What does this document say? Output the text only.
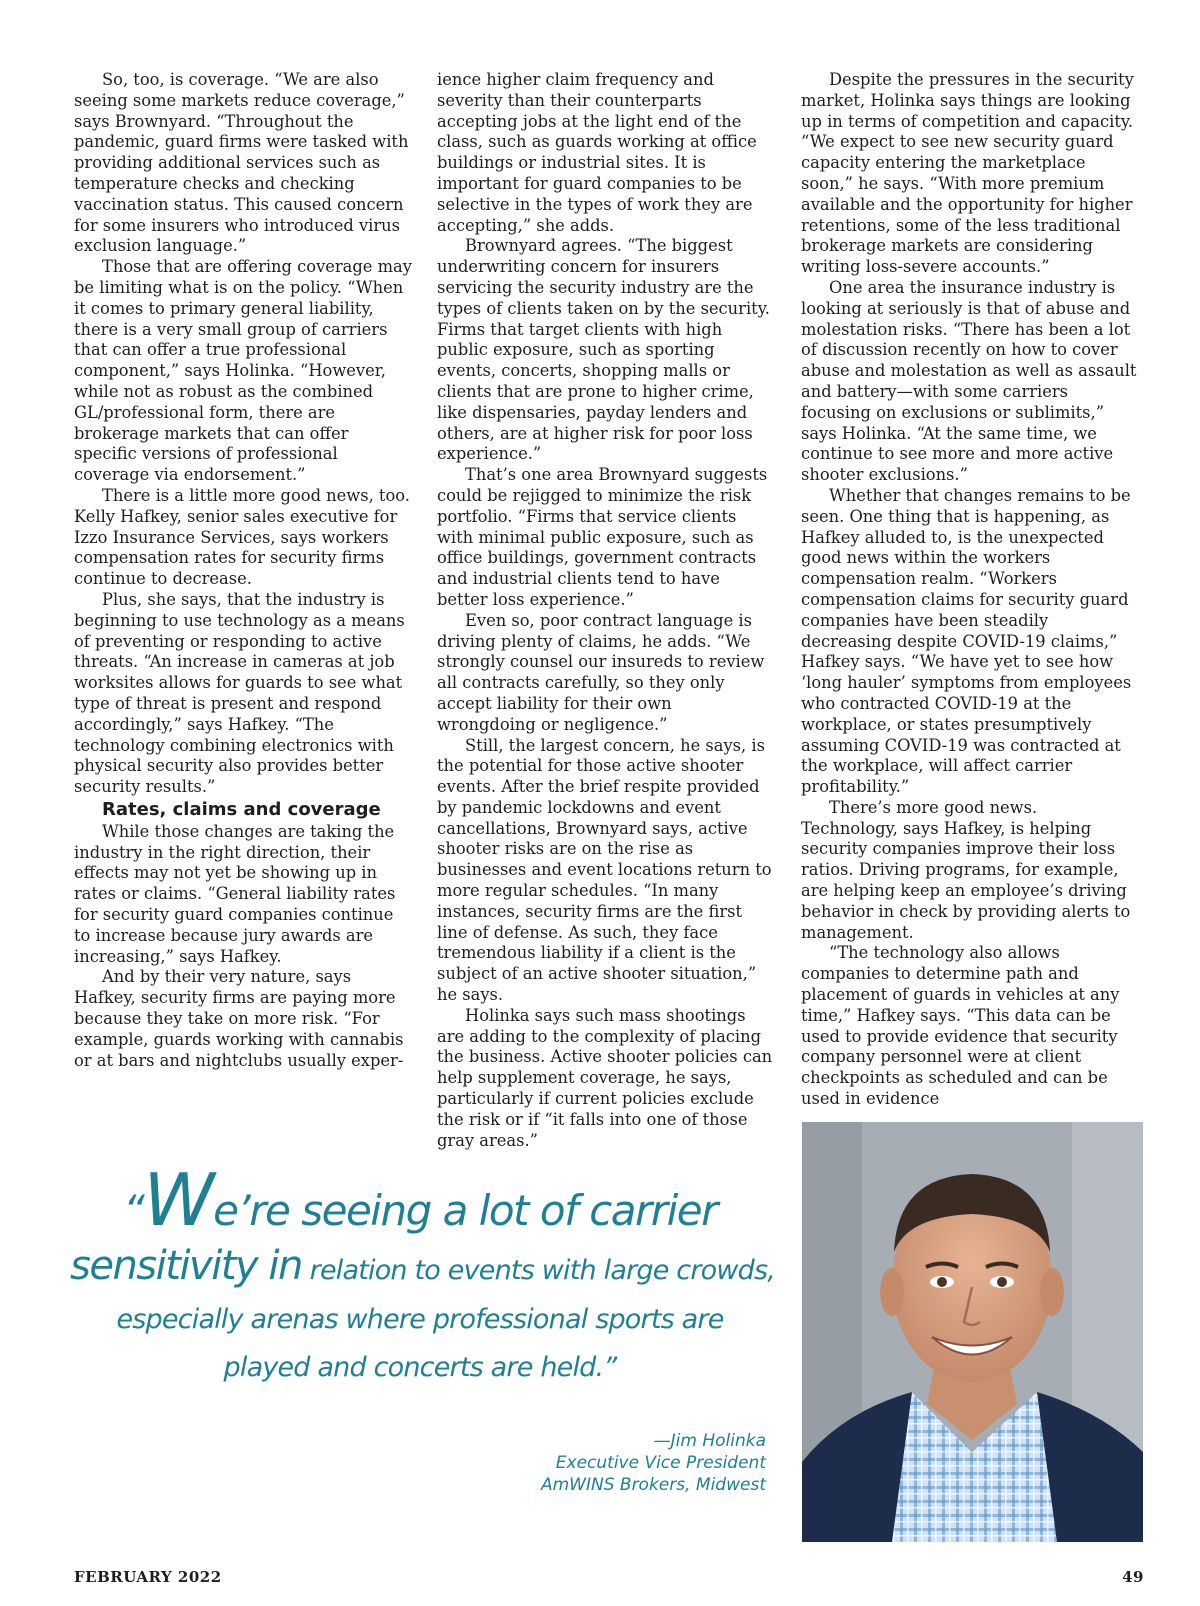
So, too, is coverage. “We are also seeing some markets reduce coverage,” says Brownyard. “Throughout the pandemic, guard firms were tasked with providing additional services such as temperature checks and checking vaccination status. This caused concern for some insurers who introduced virus exclusion language.”

Those that are offering coverage may be limiting what is on the policy. “When it comes to primary general liability, there is a very small group of carriers that can offer a true professional component,” says Holinka. “However, while not as robust as the combined GL/professional form, there are brokerage markets that can offer specific versions of professional coverage via endorsement.”

There is a little more good news, too. Kelly Hafkey, senior sales executive for Izzo Insurance Services, says workers compensation rates for security firms continue to decrease.

Plus, she says, that the industry is beginning to use technology as a means of preventing or responding to active threats. “An increase in cameras at job worksites allows for guards to see what type of threat is present and respond accordingly,” says Hafkey. “The technology combining electronics with physical security also provides better security results.”

Rates, claims and coverage

While those changes are taking the industry in the right direction, their effects may not yet be showing up in rates or claims. “General liability rates for security guard companies continue to increase because jury awards are increasing,” says Hafkey.

And by their very nature, says Hafkey, security firms are paying more because they take on more risk. “For example, guards working with cannabis or at bars and nightclubs usually exper-

ience higher claim frequency and severity than their counterparts accepting jobs at the light end of the class, such as guards working at office buildings or industrial sites. It is important for guard companies to be selective in the types of work they are accepting,” she adds.

Brownyard agrees. “The biggest underwriting concern for insurers servicing the security industry are the types of clients taken on by the security. Firms that target clients with high public exposure, such as sporting events, concerts, shopping malls or clients that are prone to higher crime, like dispensaries, payday lenders and others, are at higher risk for poor loss experience.”

That’s one area Brownyard suggests could be rejigged to minimize the risk portfolio. “Firms that service clients with minimal public exposure, such as office buildings, government contracts and industrial clients tend to have better loss experience.”

Even so, poor contract language is driving plenty of claims, he adds. “We strongly counsel our insureds to review all contracts carefully, so they only accept liability for their own wrongdoing or negligence.”

Still, the largest concern, he says, is the potential for those active shooter events. After the brief respite provided by pandemic lockdowns and event cancellations, Brownyard says, active shooter risks are on the rise as businesses and event locations return to more regular schedules. “In many instances, security firms are the first line of defense. As such, they face tremendous liability if a client is the subject of an active shooter situation,” he says.

Holinka says such mass shootings are adding to the complexity of placing the business. Active shooter policies can help supplement coverage, he says, particularly if current policies exclude the risk or if “it falls into one of those gray areas.”

Despite the pressures in the security market, Holinka says things are looking up in terms of competition and capacity. “We expect to see new security guard capacity entering the marketplace soon,” he says. “With more premium available and the opportunity for higher retentions, some of the less traditional brokerage markets are considering writing loss-severe accounts.”

One area the insurance industry is looking at seriously is that of abuse and molestation risks. “There has been a lot of discussion recently on how to cover abuse and molestation as well as assault and battery—with some carriers focusing on exclusions or sublimits,” says Holinka. “At the same time, we continue to see more and more active shooter exclusions.”

Whether that changes remains to be seen. One thing that is happening, as Hafkey alluded to, is the unexpected good news within the workers compensation realm. “Workers compensation claims for security guard companies have been steadily decreasing despite COVID-19 claims,” Hafkey says. “We have yet to see how ‘long hauler’ symptoms from employees who contracted COVID-19 at the workplace, or states presumptively assuming COVID-19 was contracted at the workplace, will affect carrier profitability.”

There’s more good news. Technology, says Hafkey, is helping security companies improve their loss ratios. Driving programs, for example, are helping keep an employee’s driving behavior in check by providing alerts to management.

“The technology also allows companies to determine path and placement of guards in vehicles at any time,” Hafkey says. “This data can be used to provide evidence that security company personnel were at client checkpoints as scheduled and can be used in evidence

“We’re seeing a lot of carrier
sensitivity in relation to events with large crowds,
especially arenas where professional sports are
played and concerts are held.”
—Jim Holinka
Executive Vice President
AmWINS Brokers, Midwest
FEBRUARY 2022	49
